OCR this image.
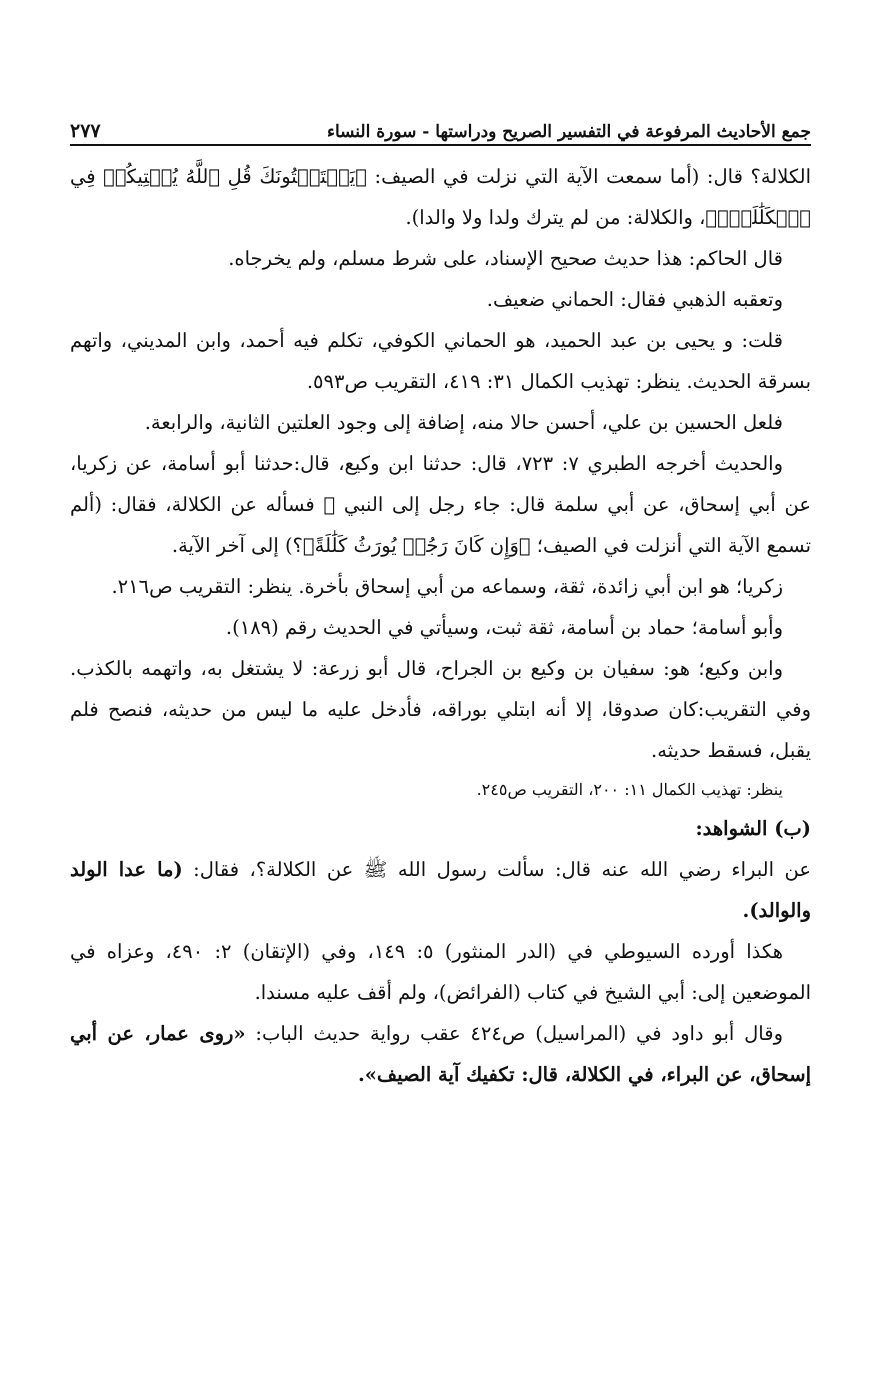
جمع الأحاديث المرفوعة في التفسير الصريح ودراستها - سورة النساء
٢٧٧

الكلالة؟ قال: (أما سمعت الآية التي نزلت في الصيف: ﴿يَسۡتَفۡتُونَكَ قُلِ ٱللَّهُ يُفۡتِيكُمۡ فِي ٱلۡكَلَٰلَةِۚ﴾، والكلالة: من لم يترك ولدا ولا والدا).

قال الحاكم: هذا حديث صحيح الإسناد، على شرط مسلم، ولم يخرجاه.

وتعقبه الذهبي فقال: الحماني ضعيف.

قلت: و يحيى بن عبد الحميد، هو الحماني الكوفي، تكلم فيه أحمد، وابن المديني، واتهم بسرقة الحديث. ينظر: تهذيب الكمال ٣١: ٤١٩، التقريب ص٥٩٣.

فلعل الحسين بن علي، أحسن حالا منه، إضافة إلى وجود العلتين الثانية، والرابعة.

والحديث أخرجه الطبري ٧: ٧٢٣، قال: حدثنا ابن وكيع، قال:حدثنا أبو أسامة، عن زكريا، عن أبي إسحاق، عن أبي سلمة قال: جاء رجل إلى النبي ﷺ فسأله عن الكلالة، فقال: (ألم تسمع الآية التي أنزلت في الصيف؛ ﴿وَإِن كَانَ رَجُلٞ يُورَثُ كَلَٰلَةً﴾؟) إلى آخر الآية.

زكريا؛ هو ابن أبي زائدة، ثقة، وسماعه من أبي إسحاق بأخرة. ينظر: التقريب ص٢١٦.

وأبو أسامة؛ حماد بن أسامة، ثقة ثبت، وسيأتي في الحديث رقم (١٨٩).

وابن وكيع؛ هو: سفيان بن وكيع بن الجراح، قال أبو زرعة: لا يشتغل به، واتهمه بالكذب. وفي التقريب:كان صدوقا، إلا أنه ابتلي بوراقه، فأدخل عليه ما ليس من حديثه، فنصح فلم يقبل، فسقط حديثه.

ينظر: تهذيب الكمال ١١: ٢٠٠، التقريب ص٢٤٥.

(ب) الشواهد:

عن البراء رضي الله عنه قال: سألت رسول الله ﷺ عن الكلالة؟، فقال: (ما عدا الولد والوالد).

هكذا أورده السيوطي في (الدر المنثور) ٥: ١٤٩، وفي (الإتقان) ٢: ٤٩٠، وعزاه في الموضعين إلى: أبي الشيخ في كتاب (الفرائض)، ولم أقف عليه مسندا.

وقال أبو داود في (المراسيل) ص٤٢٤ عقب رواية حديث الباب: «روى عمار، عن أبي إسحاق، عن البراء، في الكلالة، قال: تكفيك آية الصيف».
